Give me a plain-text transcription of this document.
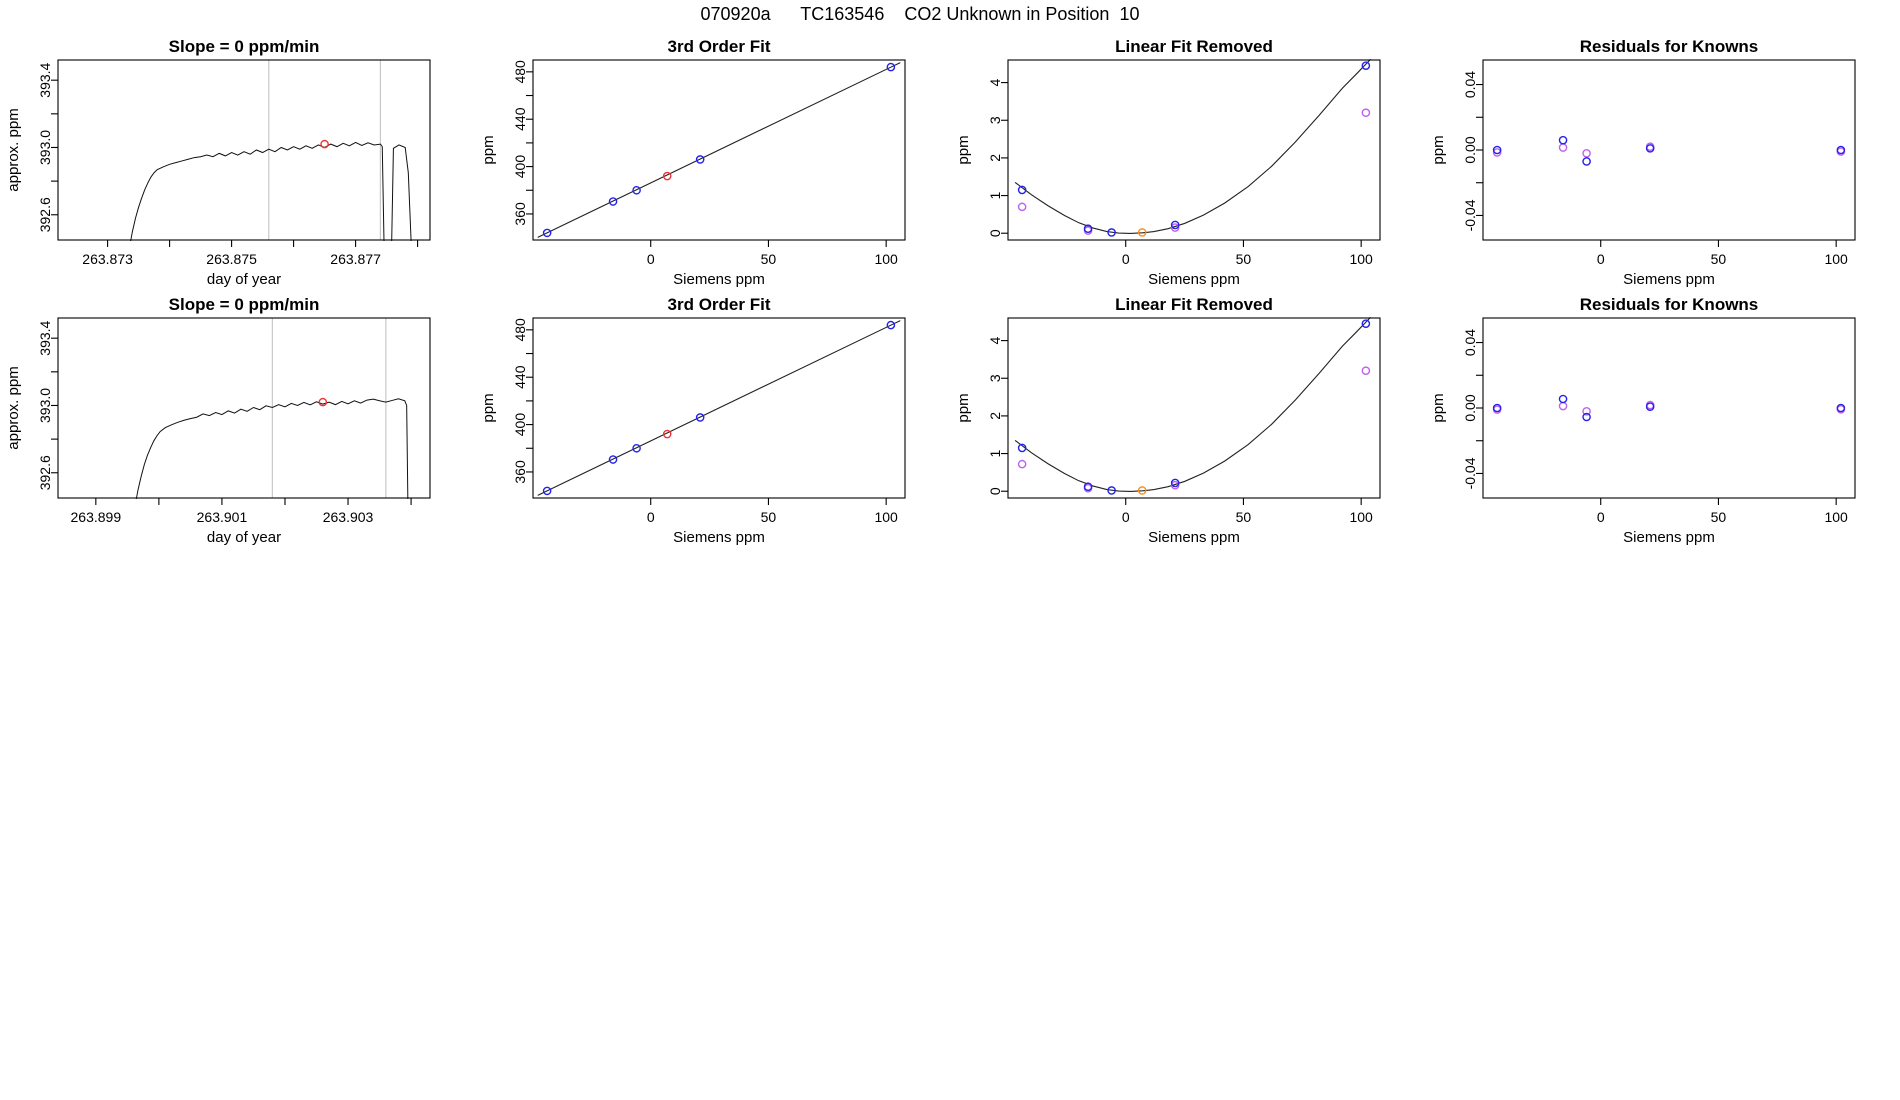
070920a      TC163546    CO2 Unknown in Position  10
263.873	263.875	263.877
392.6
393.0
393.4
Slope = 0 ppm/min
day of year
approx. ppm
0	50	100
360
400
440
480
3rd Order Fit
Siemens ppm
ppm
0	50	100
0
1
2
3
4
Linear Fit Removed
Siemens ppm
ppm
0	50	100
-0.04
0.00
0.04
Residuals for Knowns
Siemens ppm
ppm
263.899	263.901	263.903
392.6
393.0
393.4
Slope = 0 ppm/min
day of year
approx. ppm
0	50	100
360
400
440
480
3rd Order Fit
Siemens ppm
ppm
0	50	100
0
1
2
3
4
Linear Fit Removed
Siemens ppm
ppm
0	50	100
-0.04
0.00
0.04
Residuals for Knowns
Siemens ppm
ppm
